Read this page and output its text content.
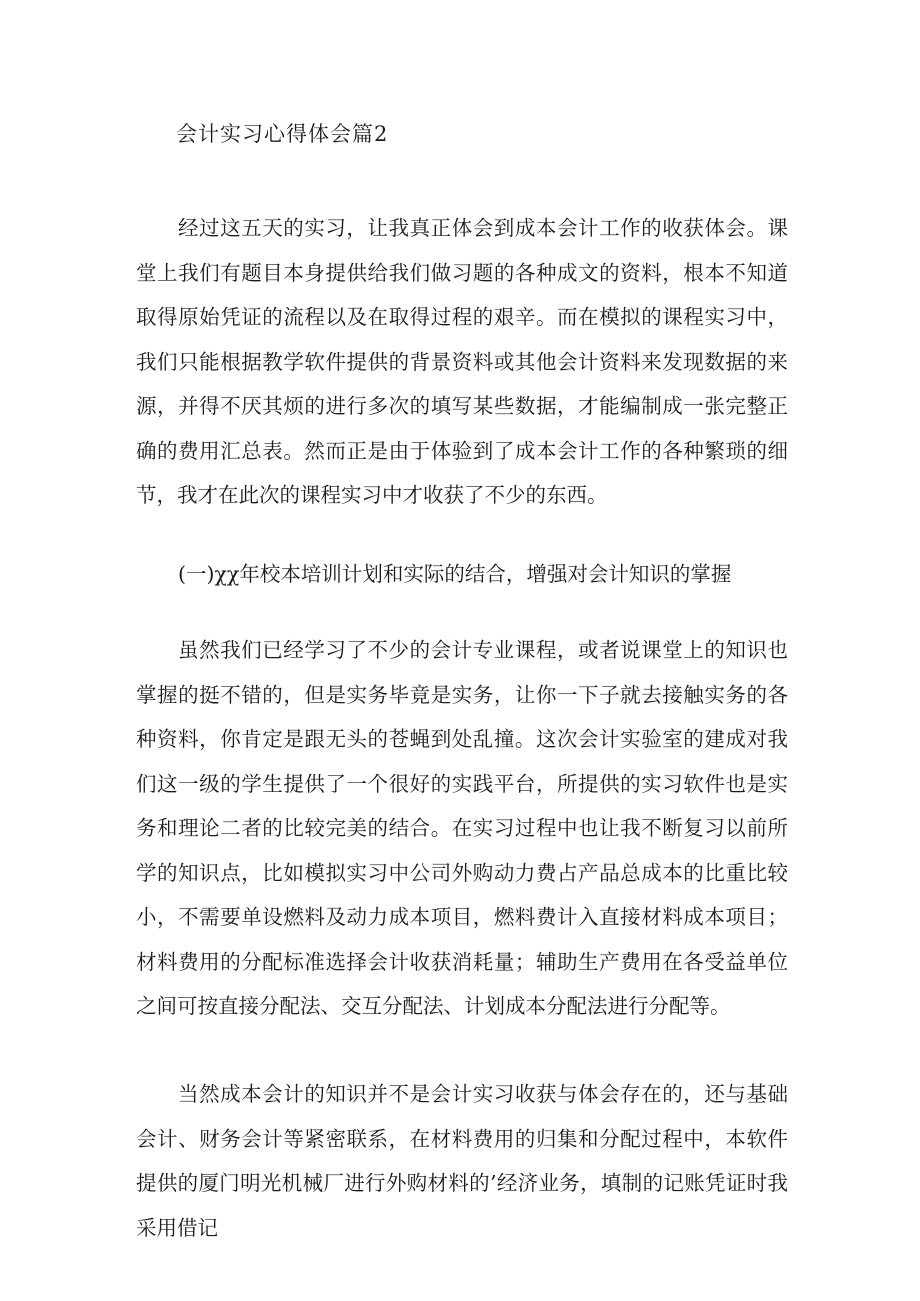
会计实习心得体会篇2

经过这五天的实习，让我真正体会到成本会计工作的收获体会。课堂上我们有题目本身提供给我们做习题的各种成文的资料，根本不知道取得原始凭证的流程以及在取得过程的艰辛。而在模拟的课程实习中，我们只能根据教学软件提供的背景资料或其他会计资料来发现数据的来源，并得不厌其烦的进行多次的填写某些数据，才能编制成一张完整正确的费用汇总表。然而正是由于体验到了成本会计工作的各种繁琐的细节，我才在此次的课程实习中才收获了不少的东西。

(一)χχ年校本培训计划和实际的结合，增强对会计知识的掌握

虽然我们已经学习了不少的会计专业课程，或者说课堂上的知识也掌握的挺不错的，但是实务毕竟是实务，让你一下子就去接触实务的各种资料，你肯定是跟无头的苍蝇到处乱撞。这次会计实验室的建成对我们这一级的学生提供了一个很好的实践平台，所提供的实习软件也是实务和理论二者的比较完美的结合。在实习过程中也让我不断复习以前所学的知识点，比如模拟实习中公司外购动力费占产品总成本的比重比较小，不需要单设燃料及动力成本项目，燃料费计入直接材料成本项目；材料费用的分配标准选择会计收获消耗量；辅助生产费用在各受益单位之间可按直接分配法、交互分配法、计划成本分配法进行分配等。

当然成本会计的知识并不是会计实习收获与体会存在的，还与基础会计、财务会计等紧密联系，在材料费用的归集和分配过程中，本软件提供的厦门明光机械厂进行外购材料的’经济业务，填制的记账凭证时我采用借记
